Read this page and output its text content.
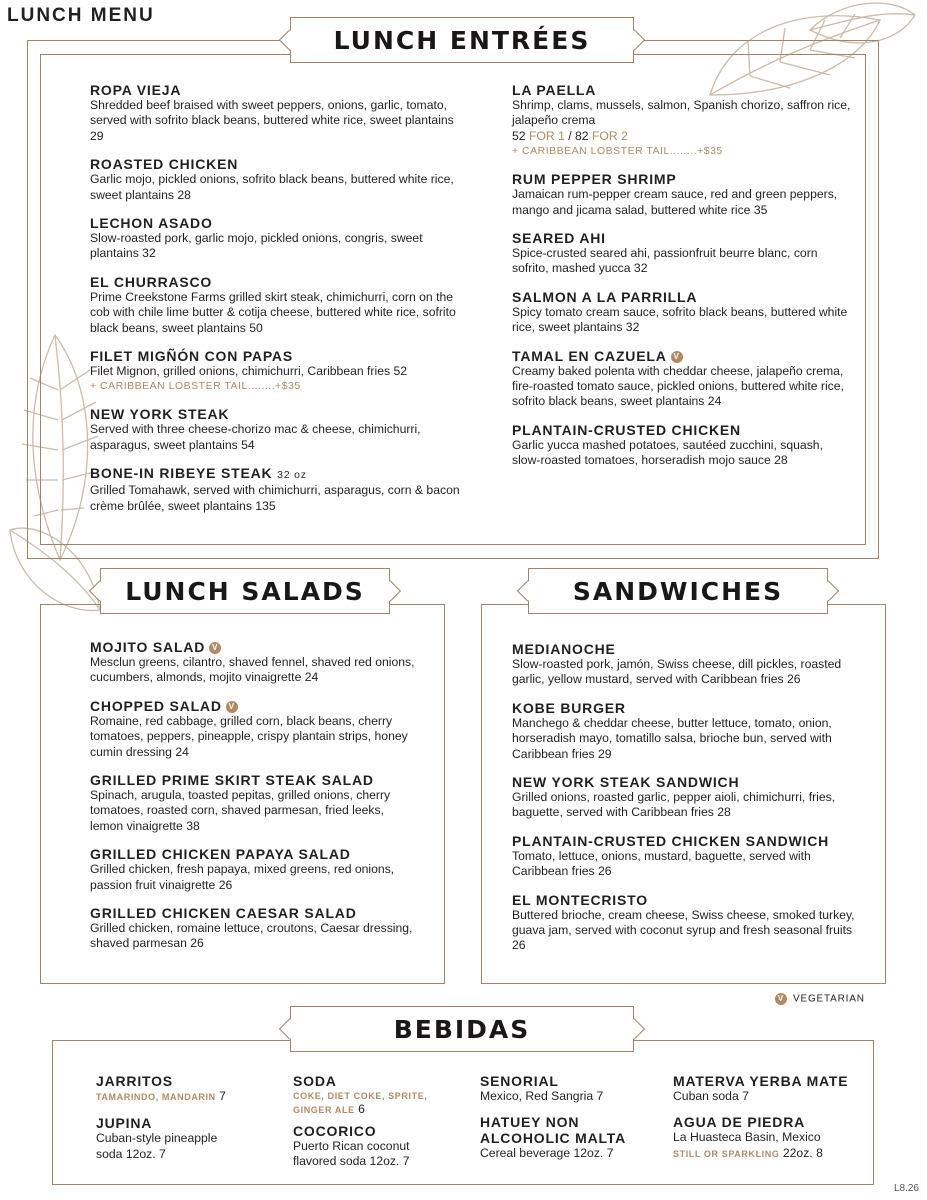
LUNCH MENU
LUNCH ENTRÉES
ROPA VIEJA
Shredded beef braised with sweet peppers, onions, garlic, tomato, served with sofrito black beans, buttered white rice, sweet plantains 29
ROASTED CHICKEN
Garlic mojo, pickled onions, sofrito black beans, buttered white rice, sweet plantains 28
LECHON ASADO
Slow-roasted pork, garlic mojo, pickled onions, congris, sweet plantains 32
EL CHURRASCO
Prime Creekstone Farms grilled skirt steak, chimichurri, corn on the cob with chile lime butter & cotija cheese, buttered white rice, sofrito black beans, sweet plantains 50
FILET MIGÑÓN CON PAPAS
Filet Mignon, grilled onions, chimichurri, Caribbean fries 52
+ CARIBBEAN LOBSTER TAIL........+$35
NEW YORK STEAK
Served with three cheese-chorizo mac & cheese, chimichurri, asparagus, sweet plantains 54
BONE-IN RIBEYE STEAK 32 oz
Grilled Tomahawk, served with chimichurri, asparagus, corn & bacon crème brûlée, sweet plantains 135
LA PAELLA
Shrimp, clams, mussels, salmon, Spanish chorizo, saffron rice, jalapeño crema
52 FOR 1 / 82 FOR 2
+ CARIBBEAN LOBSTER TAIL........+$35
RUM PEPPER SHRIMP
Jamaican rum-pepper cream sauce, red and green peppers, mango and jicama salad, buttered white rice 35
SEARED AHI
Spice-crusted seared ahi, passionfruit beurre blanc, corn sofrito, mashed yucca 32
SALMON A LA PARRILLA
Spicy tomato cream sauce, sofrito black beans, buttered white rice, sweet plantains 32
TAMAL EN CAZUELA V
Creamy baked polenta with cheddar cheese, jalapeño crema, fire-roasted tomato sauce, pickled onions, buttered white rice, sofrito black beans, sweet plantains 24
PLANTAIN-CRUSTED CHICKEN
Garlic yucca mashed potatoes, sautéed zucchini, squash, slow-roasted tomatoes, horseradish mojo sauce 28
LUNCH SALADS
MOJITO SALAD V
Mesclun greens, cilantro, shaved fennel, shaved red onions, cucumbers, almonds, mojito vinaigrette 24
CHOPPED SALAD V
Romaine, red cabbage, grilled corn, black beans, cherry tomatoes, peppers, pineapple, crispy plantain strips, honey cumin dressing 24
GRILLED PRIME SKIRT STEAK SALAD
Spinach, arugula, toasted pepitas, grilled onions, cherry tomatoes, roasted corn, shaved parmesan, fried leeks, lemon vinaigrette 38
GRILLED CHICKEN PAPAYA SALAD
Grilled chicken, fresh papaya, mixed greens, red onions, passion fruit vinaigrette 26
GRILLED CHICKEN CAESAR SALAD
Grilled chicken, romaine lettuce, croutons, Caesar dressing, shaved parmesan 26
SANDWICHES
MEDIANOCHE
Slow-roasted pork, jamón, Swiss cheese, dill pickles, roasted garlic, yellow mustard, served with Caribbean fries 26
KOBE BURGER
Manchego & cheddar cheese, butter lettuce, tomato, onion, horseradish mayo, tomatillo salsa, brioche bun, served with Caribbean fries 29
NEW YORK STEAK SANDWICH
Grilled onions, roasted garlic, pepper aioli, chimichurri, fries, baguette, served with Caribbean fries 28
PLANTAIN-CRUSTED CHICKEN SANDWICH
Tomato, lettuce, onions, mustard, baguette, served with Caribbean fries 26
EL MONTECRISTO
Buttered brioche, cream cheese, Swiss cheese, smoked turkey, guava jam, served with coconut syrup and fresh seasonal fruits 26
V VEGETARIAN
BEBIDAS
JARRITOS
TAMARINDO, MANDARIN 7
JUPINA
Cuban-style pineapple soda 12oz. 7
SODA
COKE, DIET COKE, SPRITE, GINGER ALE 6
COCORICO
Puerto Rican coconut flavored soda 12oz. 7
SENORIAL
Mexico, Red Sangria 7
HATUEY NON ALCOHOLIC MALTA
Cereal beverage 12oz. 7
MATERVA YERBA MATE
Cuban soda 7
AGUA DE PIEDRA
La Huasteca Basin, Mexico
STILL OR SPARKLING 22oz. 8
L8.26
